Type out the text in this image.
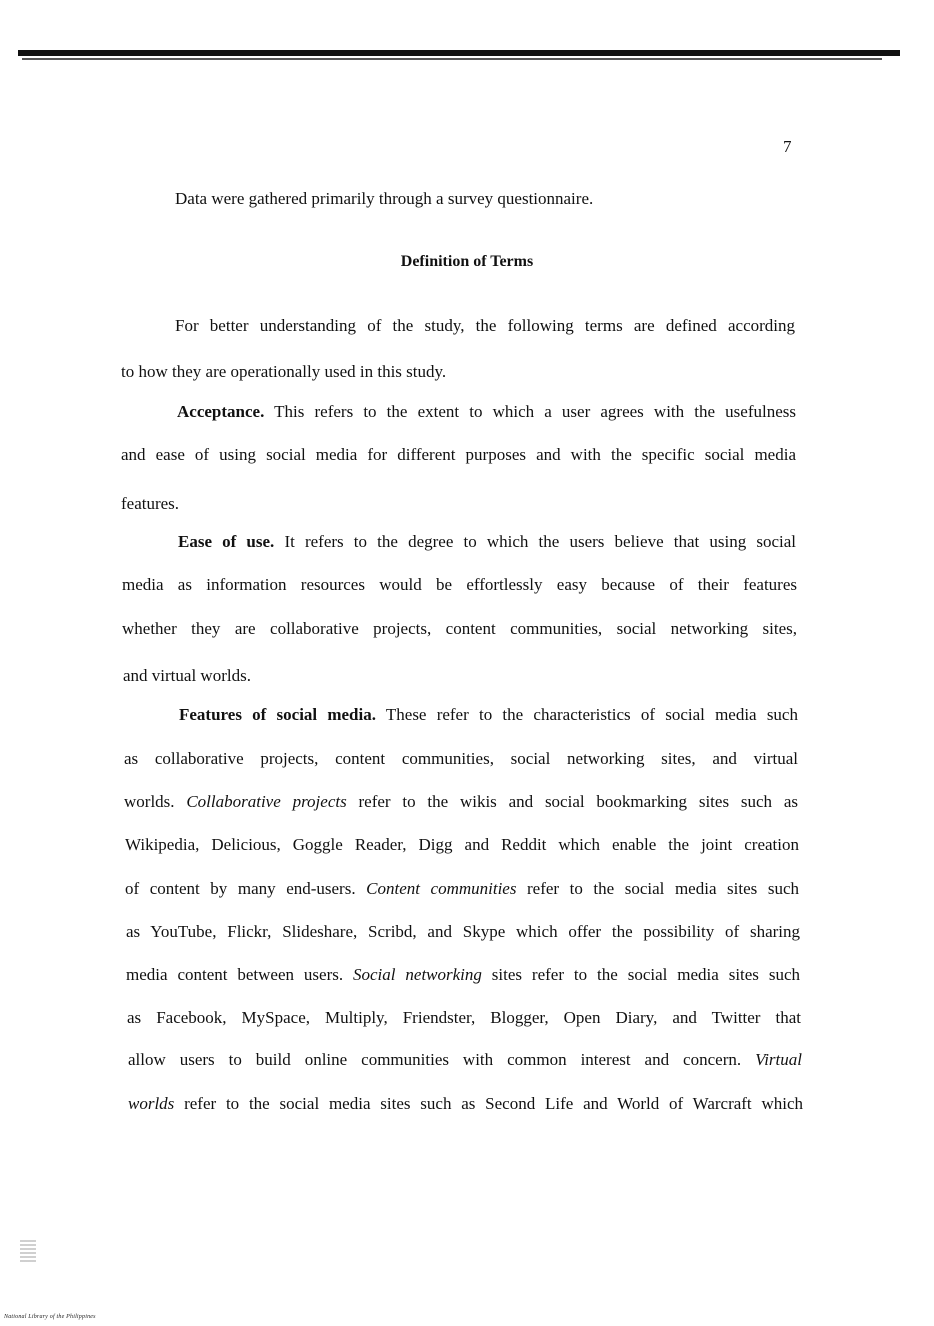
7
Data were gathered primarily through a survey questionnaire.
Definition of Terms
For better understanding of the study, the following terms are defined according
to how they are operationally used in this study.
Acceptance. This refers to the extent to which a user agrees with the usefulness
and ease of using social media for different purposes and with the specific social media
features.
Ease of use. It refers to the degree to which the users believe that using social
media as information resources would be effortlessly easy because of their features
whether they are collaborative projects, content communities, social networking sites,
and virtual worlds.
Features of social media. These refer to the characteristics of social media such
as collaborative projects, content communities, social networking sites, and virtual
worlds. Collaborative projects refer to the wikis and social bookmarking sites such as
Wikipedia, Delicious, Goggle Reader, Digg and Reddit which enable the joint creation
of content by many end-users. Content communities refer to the social media sites such
as YouTube, Flickr, Slideshare, Scribd, and Skype which offer the possibility of sharing
media content between users. Social networking sites refer to the social media sites such
as Facebook, MySpace, Multiply, Friendster, Blogger, Open Diary, and Twitter that
allow users to build online communities with common interest and concern. Virtual
worlds refer to the social media sites such as Second Life and World of Warcraft which
National Library of the Philippines
